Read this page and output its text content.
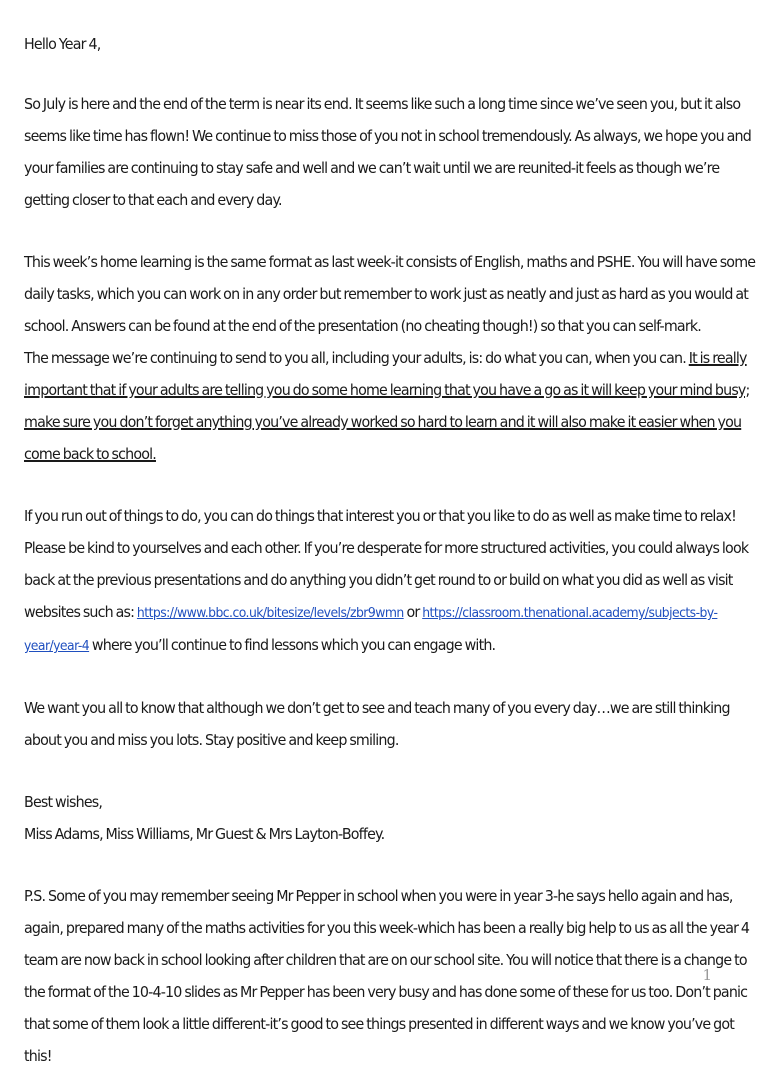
Hello Year 4,
So July is here and the end of the term is near its end. It seems like such a long time since we’ve seen you, but it also seems like time has flown! We continue to miss those of you not in school tremendously. As always, we hope you and your families are continuing to stay safe and well and we can’t wait until we are reunited-it feels as though we’re getting closer to that each and every day.
This week’s home learning is the same format as last week-it consists of English, maths and PSHE. You will have some daily tasks, which you can work on in any order but remember to work just as neatly and just as hard as you would at school. Answers can be found at the end of the presentation (no cheating though!) so that you can self-mark.
The message we’re continuing to send to you all, including your adults, is: do what you can, when you can. It is really important that if your adults are telling you do some home learning that you have a go as it will keep your mind busy; make sure you don’t forget anything you’ve already worked so hard to learn and it will also make it easier when you come back to school.
If you run out of things to do, you can do things that interest you or that you like to do as well as make time to relax! Please be kind to yourselves and each other. If you’re desperate for more structured activities, you could always look back at the previous presentations and do anything you didn’t get round to or build on what you did as well as visit websites such as: https://www.bbc.co.uk/bitesize/levels/zbr9wmn or https://classroom.thenational.academy/subjects-by-year/year-4 where you’ll continue to find lessons which you can engage with.
We want you all to know that although we don’t get to see and teach many of you every day…we are still thinking about you and miss you lots. Stay positive and keep smiling.
Best wishes,
Miss Adams, Miss Williams, Mr Guest & Mrs Layton-Boffey.
P.S. Some of you may remember seeing Mr Pepper in school when you were in year 3-he says hello again and has, again, prepared many of the maths activities for you this week-which has been a really big help to us as all the year 4 team are now back in school looking after children that are on our school site. You will notice that there is a change to the format of the 10-4-10 slides as Mr Pepper has been very busy and has done some of these for us too. Don’t panic that some of them look a little different-it’s good to see things presented in different ways and we know you’ve got this!
1
